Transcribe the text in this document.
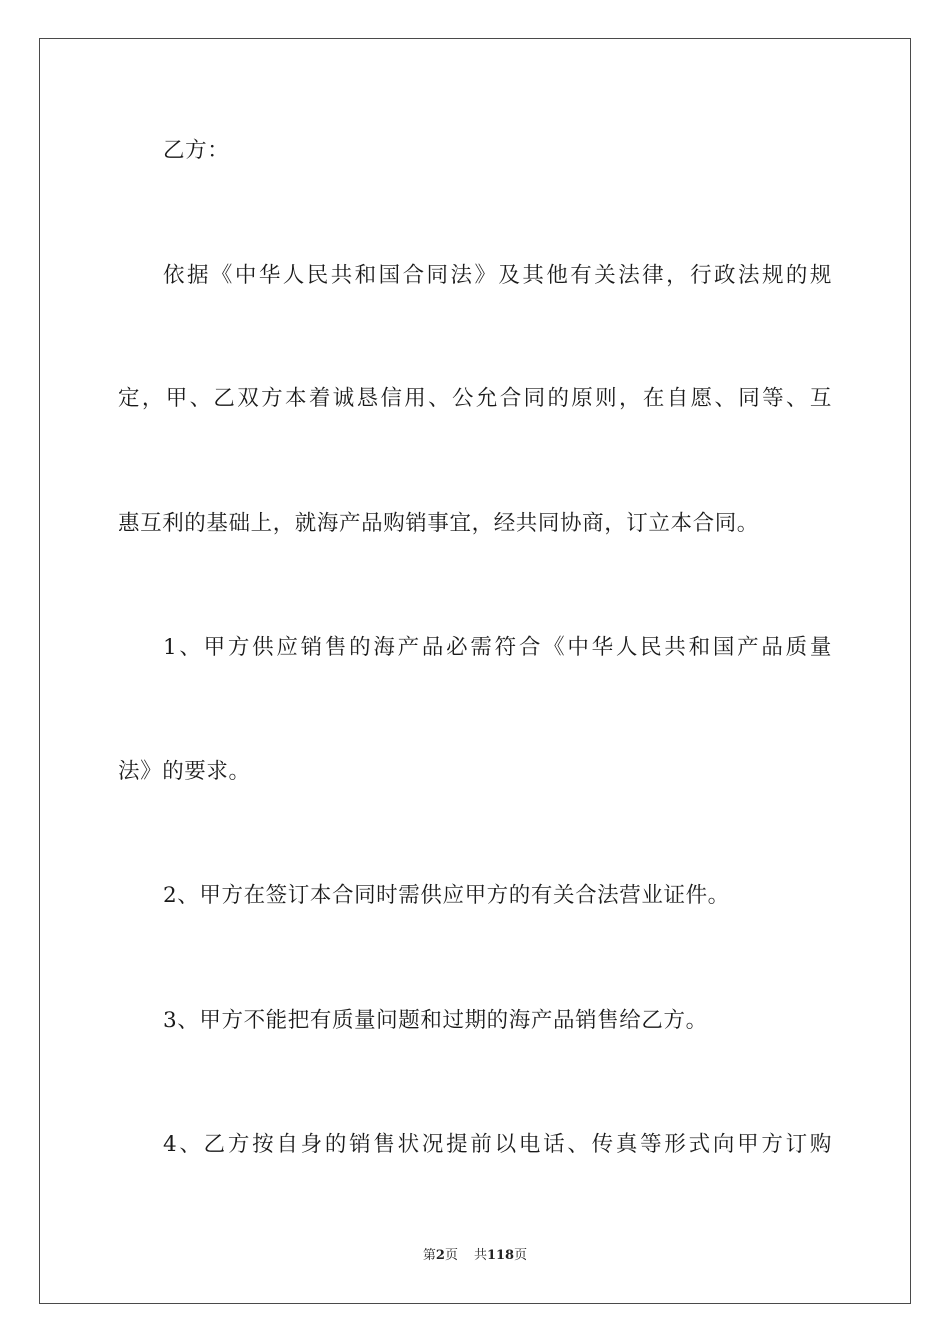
乙方：
依据《中华人民共和国合同法》及其他有关法律，行政法规的规
定，甲、乙双方本着诚恳信用、公允合同的原则，在自愿、同等、互
惠互利的基础上，就海产品购销事宜，经共同协商，订立本合同。
1、甲方供应销售的海产品必需符合《中华人民共和国产品质量
法》的要求。
2、甲方在签订本合同时需供应甲方的有关合法营业证件。
3、甲方不能把有质量问题和过期的海产品销售给乙方。
4、乙方按自身的销售状况提前以电话、传真等形式向甲方订购
第2页 共118页
